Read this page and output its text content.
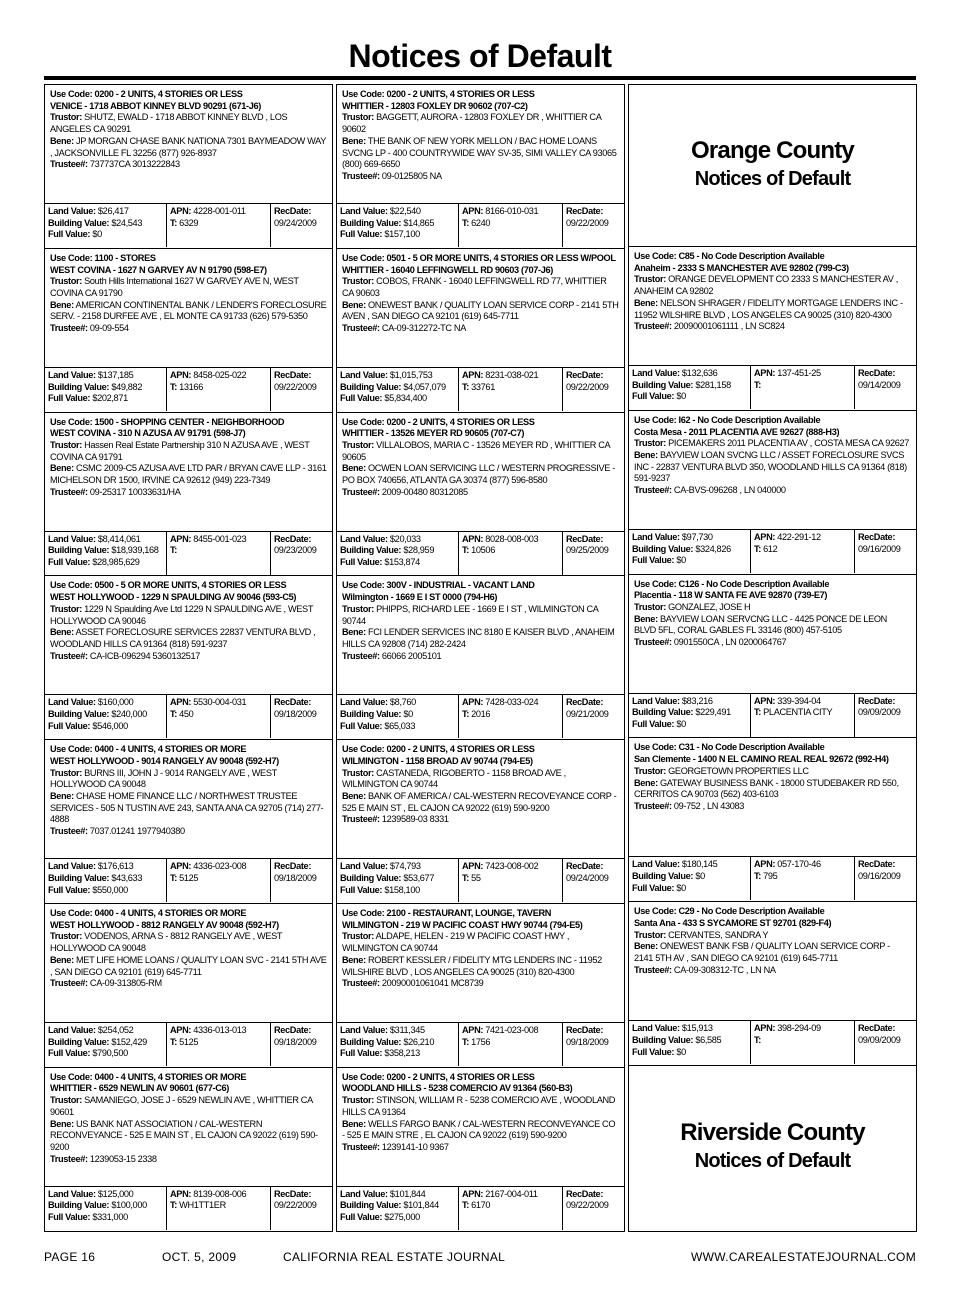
Notices of Default
Use Code: 0200 - 2 UNITS, 4 STORIES OR LESS
VENICE - 1718 ABBOT KINNEY BLVD 90291 (671-J6)
Trustor: SHUTZ, EWALD - 1718 ABBOT KINNEY BLVD , LOS ANGELES CA 90291
Bene: JP MORGAN CHASE BANK NATIONA 7301 BAYMEADOW WAY , JACKSONVILLE FL 32256 (877) 926-8937
Trustee#: 737737CA 3013222843
Land Value: $26,417
Building Value: $24,543
Full Value: $0
APN: 4228-001-011
T: 6329
RecDate:
09/24/2009
Use Code: 1100 - STORES
WEST COVINA - 1627 N GARVEY AV N 91790 (598-E7)
Trustor: South Hills International 1627 W GARVEY AVE N, WEST COVINA CA 91790
Bene: AMERICAN CONTINENTAL BANK / LENDER'S FORECLOSURE SERV. - 2158 DURFEE AVE , EL MONTE CA 91733 (626) 579-5350
Trustee#: 09-09-554
Land Value: $137,185
Building Value: $49,882
Full Value: $202,871
APN: 8458-025-022
T: 13166
RecDate:
09/22/2009
Use Code: 1500 - SHOPPING CENTER - NEIGHBORHOOD
WEST COVINA - 310 N AZUSA AV 91791 (598-J7)
Trustor: Hassen Real Estate Partnership 310 N AZUSA AVE , WEST COVINA CA 91791
Bene: CSMC 2009-C5 AZUSA AVE LTD PAR / BRYAN CAVE LLP - 3161 MICHELSON DR 1500, IRVINE CA 92612 (949) 223-7349
Trustee#: 09-25317 10033631/HA
Land Value: $8,414,061
Building Value: $18,939,168
Full Value: $28,985,629
APN: 8455-001-023
T:
RecDate:
09/23/2009
Use Code: 0500 - 5 OR MORE UNITS, 4 STORIES OR LESS
WEST HOLLYWOOD - 1229 N SPAULDING AV 90046 (593-C5)
Trustor: 1229 N Spaulding Ave Ltd 1229 N SPAULDING AVE , WEST HOLLYWOOD CA 90046
Bene: ASSET FORECLOSURE SERVICES 22837 VENTURA BLVD , WOODLAND HILLS CA 91364 (818) 591-9237
Trustee#: CA-ICB-096294 5360132517
Land Value: $160,000
Building Value: $240,000
Full Value: $546,000
APN: 5530-004-031
T: 450
RecDate:
09/18/2009
Use Code: 0400 - 4 UNITS, 4 STORIES OR MORE
WEST HOLLYWOOD - 9014 RANGELY AV 90048 (592-H7)
Trustor: BURNS III, JOHN J - 9014 RANGELY AVE , WEST HOLLYWOOD CA 90048
Bene: CHASE HOME FINANCE LLC / NORTHWEST TRUSTEE SERVICES - 505 N TUSTIN AVE 243, SANTA ANA CA 92705 (714) 277-4888
Trustee#: 7037.01241 1977940380
Land Value: $176,613
Building Value: $43,633
Full Value: $550,000
APN: 4336-023-008
T: 5125
RecDate:
09/18/2009
Use Code: 0400 - 4 UNITS, 4 STORIES OR MORE
WEST HOLLYWOOD - 8812 RANGELY AV 90048 (592-H7)
Trustor: VODENOS, ARNA S - 8812 RANGELY AVE , WEST HOLLYWOOD CA 90048
Bene: MET LIFE HOME LOANS / QUALITY LOAN SVC - 2141 5TH AVE , SAN DIEGO CA 92101 (619) 645-7711
Trustee#: CA-09-313805-RM
Land Value: $254,052
Building Value: $152,429
Full Value: $790,500
APN: 4336-013-013
T: 5125
RecDate:
09/18/2009
Use Code: 0400 - 4 UNITS, 4 STORIES OR MORE
WHITTIER - 6529 NEWLIN AV 90601 (677-C6)
Trustor: SAMANIEGO, JOSE J - 6529 NEWLIN AVE , WHITTIER CA 90601
Bene: US BANK NAT ASSOCIATION / CAL-WESTERN RECONVEYANCE - 525 E MAIN ST , EL CAJON CA 92022 (619) 590-9200
Trustee#: 1239053-15 2338
Land Value: $125,000
Building Value: $100,000
Full Value: $331,000
APN: 8139-008-006
T: WH1TT1ER
RecDate:
09/22/2009
Use Code: 0200 - 2 UNITS, 4 STORIES OR LESS
WHITTIER - 12803 FOXLEY DR 90602 (707-C2)
Trustor: BAGGETT, AURORA - 12803 FOXLEY DR , WHITTIER CA 90602
Bene: THE BANK OF NEW YORK MELLON / BAC HOME LOANS SVCNG LP - 400 COUNTRYWIDE WAY SV-35, SIMI VALLEY CA 93065 (800) 669-6650
Trustee#: 09-0125805 NA
Land Value: $22,540
Building Value: $14,865
Full Value: $157,100
APN: 8166-010-031
T: 6240
RecDate:
09/22/2009
Use Code: 0501 - 5 OR MORE UNITS, 4 STORIES OR LESS W/POOL
WHITTIER - 16040 LEFFINGWELL RD 90603 (707-J6)
Trustor: COBOS, FRANK - 16040 LEFFINGWELL RD 77, WHITTIER CA 90603
Bene: ONEWEST BANK / QUALITY LOAN SERVICE CORP - 2141 5TH AVEN , SAN DIEGO CA 92101 (619) 645-7711
Trustee#: CA-09-312272-TC NA
Land Value: $1,015,753
Building Value: $4,057,079
Full Value: $5,834,400
APN: 8231-038-021
T: 33761
RecDate:
09/22/2009
Use Code: 0200 - 2 UNITS, 4 STORIES OR LESS
WHITTIER - 13526 MEYER RD 90605 (707-C7)
Trustor: VILLALOBOS, MARIA C - 13526 MEYER RD , WHITTIER CA 90605
Bene: OCWEN LOAN SERVICING LLC / WESTERN PROGRESSIVE - PO BOX 740656, ATLANTA GA 30374 (877) 596-8580
Trustee#: 2009-00480 80312085
Land Value: $20,033
Building Value: $28,959
Full Value: $153,874
APN: 8028-008-003
T: 10506
RecDate:
09/25/2009
Use Code: 300V - INDUSTRIAL - VACANT LAND
Wilmington - 1669 E I ST 0000 (794-H6)
Trustor: PHIPPS, RICHARD LEE - 1669 E I ST , WILMINGTON CA 90744
Bene: FCI LENDER SERVICES INC 8180 E KAISER BLVD , ANAHEIM HILLS CA 92808 (714) 282-2424
Trustee#: 66066 2005101
Land Value: $8,760
Building Value: $0
Full Value: $65,033
APN: 7428-033-024
T: 2016
RecDate:
09/21/2009
Use Code: 0200 - 2 UNITS, 4 STORIES OR LESS
WILMINGTON - 1158 BROAD AV 90744 (794-E5)
Trustor: CASTANEDA, RIGOBERTO - 1158 BROAD AVE , WILMINGTON CA 90744
Bene: BANK OF AMERICA / CAL-WESTERN RECOVEYANCE CORP - 525 E MAIN ST , EL CAJON CA 92022 (619) 590-9200
Trustee#: 1239589-03 8331
Land Value: $74,793
Building Value: $53,677
Full Value: $158,100
APN: 7423-008-002
T: 55
RecDate:
09/24/2009
Use Code: 2100 - RESTAURANT, LOUNGE, TAVERN
WILMINGTON - 219 W PACIFIC COAST HWY 90744 (794-E5)
Trustor: ALDAPE, HELEN - 219 W PACIFIC COAST HWY , WILMINGTON CA 90744
Bene: ROBERT KESSLER / FIDELITY MTG LENDERS INC - 11952 WILSHIRE BLVD , LOS ANGELES CA 90025 (310) 820-4300
Trustee#: 20090001061041 MC8739
Land Value: $311,345
Building Value: $26,210
Full Value: $358,213
APN: 7421-023-008
T: 1756
RecDate:
09/18/2009
Use Code: 0200 - 2 UNITS, 4 STORIES OR LESS
WOODLAND HILLS - 5238 COMERCIO AV 91364 (560-B3)
Trustor: STINSON, WILLIAM R - 5238 COMERCIO AVE , WOODLAND HILLS CA 91364
Bene: WELLS FARGO BANK / CAL-WESTERN RECONVEYANCE CO - 525 E MAIN STRE , EL CAJON CA 92022 (619) 590-9200
Trustee#: 1239141-10 9367
Land Value: $101,844
Building Value: $101,844
Full Value: $275,000
APN: 2167-004-011
T: 6170
RecDate:
09/22/2009
Orange County
Notices of Default
Use Code: C85 - No Code Description Available
Anaheim - 2333 S MANCHESTER AVE 92802 (799-C3)
Trustor: ORANGE DEVELOPMENT CO 2333 S MANCHESTER AV , ANAHEIM CA 92802
Bene: NELSON SHRAGER / FIDELITY MORTGAGE LENDERS INC - 11952 WILSHIRE BLVD , LOS ANGELES CA 90025 (310) 820-4300
Trustee#: 20090001061111 , LN SC824
Land Value: $132,636
Building Value: $281,158
Full Value: $0
APN: 137-451-25
T:
RecDate:
09/14/2009
Use Code: I62 - No Code Description Available
Costa Mesa - 2011 PLACENTIA AVE 92627 (888-H3)
Trustor: PICEMAKERS 2011 PLACENTIA AV , COSTA MESA CA 92627
Bene: BAYVIEW LOAN SVCNG LLC / ASSET FORECLOSURE SVCS INC - 22837 VENTURA BLVD 350, WOODLAND HILLS CA 91364 (818) 591-9237
Trustee#: CA-BVS-096268 , LN 040000
Land Value: $97,730
Building Value: $324,826
Full Value: $0
APN: 422-291-12
T: 612
RecDate:
09/16/2009
Use Code: C126 - No Code Description Available
Placentia - 118 W SANTA FE AVE 92870 (739-E7)
Trustor: GONZALEZ, JOSE H
Bene: BAYVIEW LOAN SERVCNG LLC - 4425 PONCE DE LEON BLVD 5FL, CORAL GABLES FL 33146 (800) 457-5105
Trustee#: 0901550CA , LN 0200064767
Land Value: $83,216
Building Value: $229,491
Full Value: $0
APN: 339-394-04
T: PLACENTIA CITY
RecDate:
09/09/2009
Use Code: C31 - No Code Description Available
San Clemente - 1400 N EL CAMINO REAL REAL 92672 (992-H4)
Trustor: GEORGETOWN PROPERTIES LLC
Bene: GATEWAY BUSINESS BANK - 18000 STUDEBAKER RD 550, CERRITOS CA 90703 (562) 403-6103
Trustee#: 09-752 , LN 43083
Land Value: $180,145
Building Value: $0
Full Value: $0
APN: 057-170-46
T: 795
RecDate:
09/16/2009
Use Code: C29 - No Code Description Available
Santa Ana - 433 S SYCAMORE ST 92701 (829-F4)
Trustor: CERVANTES, SANDRA Y
Bene: ONEWEST BANK FSB / QUALITY LOAN SERVICE CORP - 2141 5TH AV , SAN DIEGO CA 92101 (619) 645-7711
Trustee#: CA-09-308312-TC , LN NA
Land Value: $15,913
Building Value: $6,585
Full Value: $0
APN: 398-294-09
T:
RecDate:
09/09/2009
Riverside County
Notices of Default
PAGE 16	OCT. 5, 2009	CALIFORNIA REAL ESTATE JOURNAL	WWW.CAREALESTATEJOURNAL.COM
